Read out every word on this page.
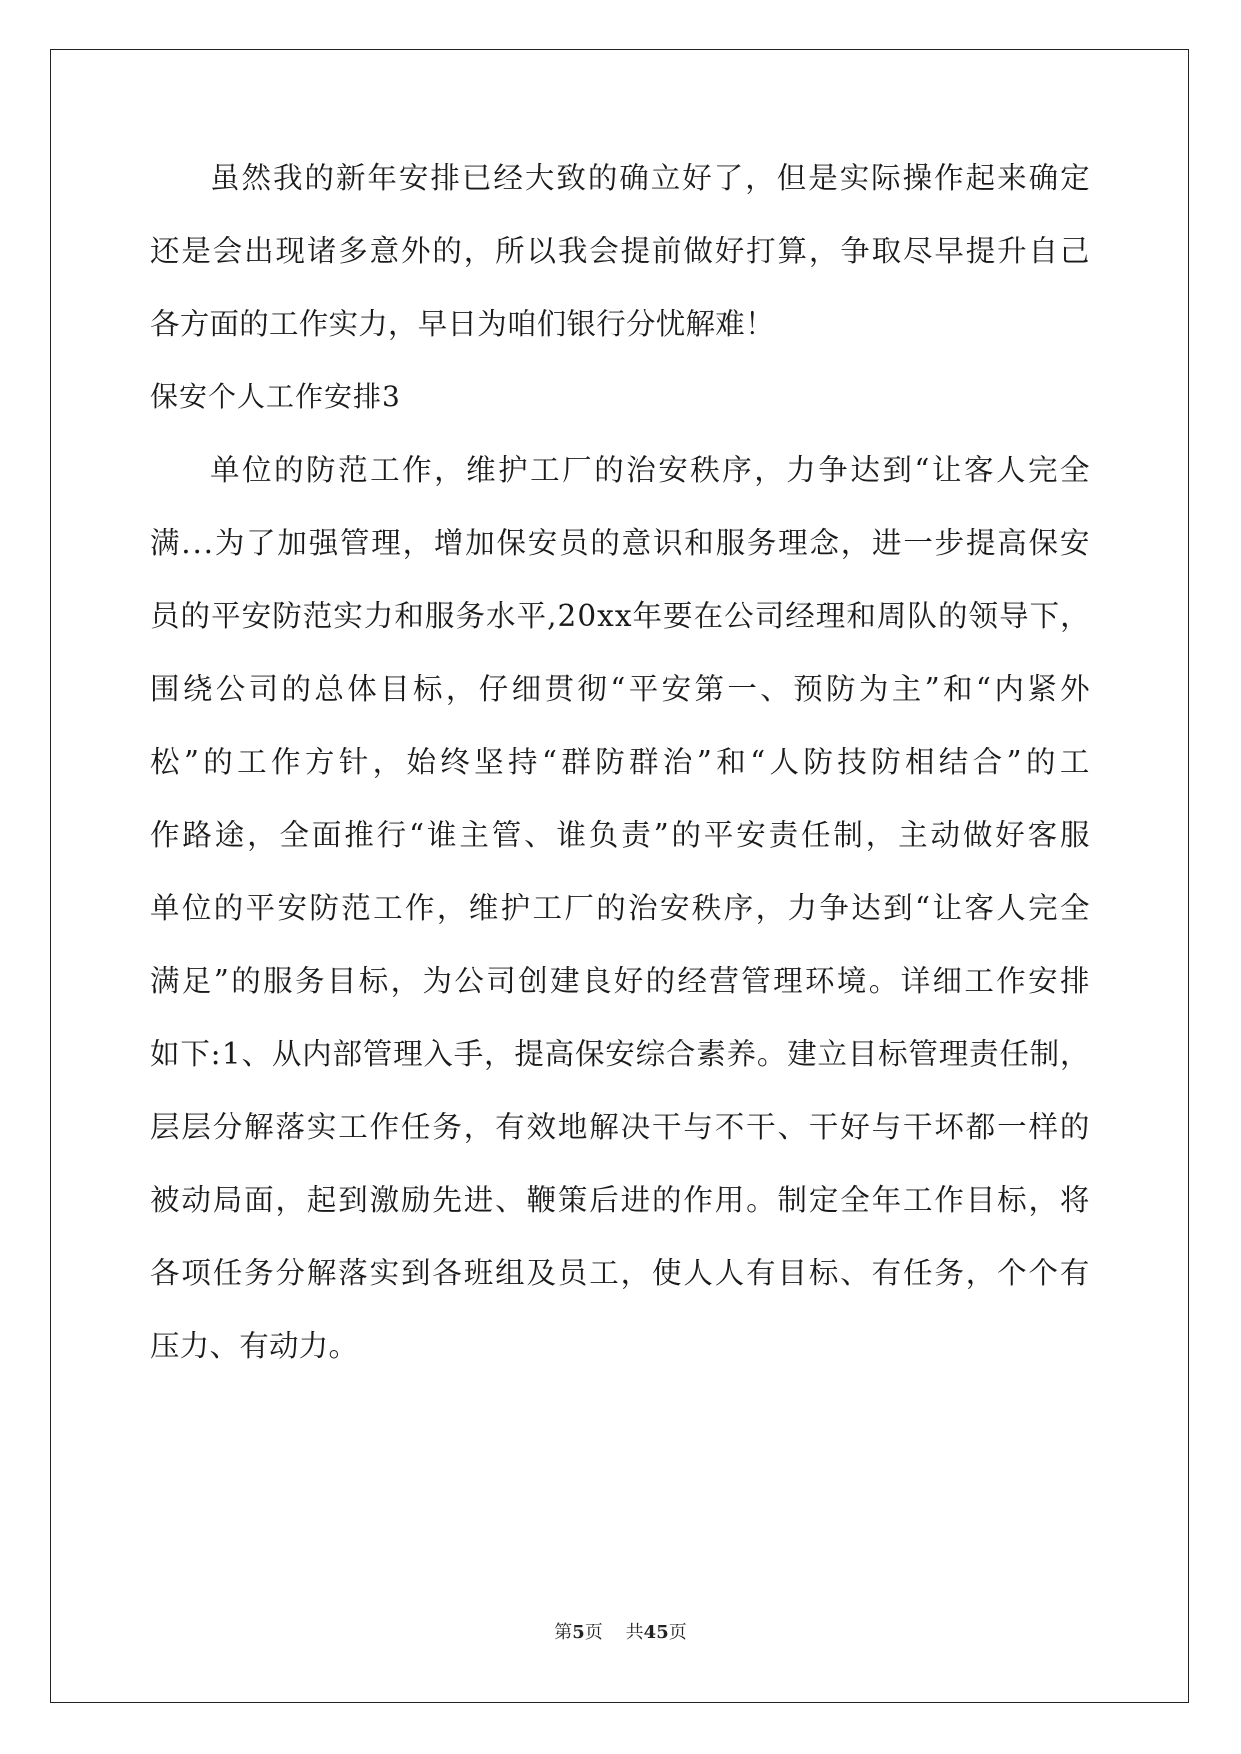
虽 然 我 的 新 年 安 排 已 经 大 致 的 确 立 好 了 ， 但 是 实 际 操 作 起 来 确 定
还 是 会 出 现 诸 多 意 外 的 ， 所 以 我 会 提 前 做 好 打 算 ， 争 取 尽 早 提 升 自 己
各方面的工作实力，早日为咱们银行分忧解难！
保安个人工作安排3
单 位 的 防 范 工 作 ， 维 护 工 厂 的 治 安 秩 序 ， 力 争 达 到 “ 让 客 人 完 全
满 . . . 为 了 加 强 管 理 ， 增 加 保 安 员 的 意 识 和 服 务 理 念 ， 进 一 步 提 高 保 安
员 的 平 安 防 范 实 力 和 服 务 水 平 , 2 0 x x 年 要 在 公 司 经 理 和 周 队 的 领 导 下 ，
围 绕 公 司 的 总 体 目 标 ， 仔 细 贯 彻 “ 平 安 第 一 、 预 防 为 主 ” 和 “ 内 紧 外
松 ” 的 工 作 方 针 ， 始 终 坚 持 “ 群 防 群 治 ” 和 “ 人 防 技 防 相 结 合 ” 的 工
作 路 途 ， 全 面 推 行 “ 谁 主 管 、 谁 负 责 ” 的 平 安 责 任 制 ， 主 动 做 好 客 服
单 位 的 平 安 防 范 工 作 ， 维 护 工 厂 的 治 安 秩 序 ， 力 争 达 到 “ 让 客 人 完 全
满 足 ” 的 服 务 目 标 ， 为 公 司 创 建 良 好 的 经 营 管 理 环 境 。 详 细 工 作 安 排
如 下 : 1 、 从 内 部 管 理 入 手 ， 提 高 保 安 综 合 素 养 。 建 立 目 标 管 理 责 任 制 ，
层 层 分 解 落 实 工 作 任 务 ， 有 效 地 解 决 干 与 不 干 、 干 好 与 干 坏 都 一 样 的
被 动 局 面 ， 起 到 激 励 先 进 、 鞭 策 后 进 的 作 用 。 制 定 全 年 工 作 目 标 ， 将
各 项 任 务 分 解 落 实 到 各 班 组 及 员 工 ， 使 人 人 有 目 标 、 有 任 务 ， 个 个 有
压力、有动力。
第5页 共45页
